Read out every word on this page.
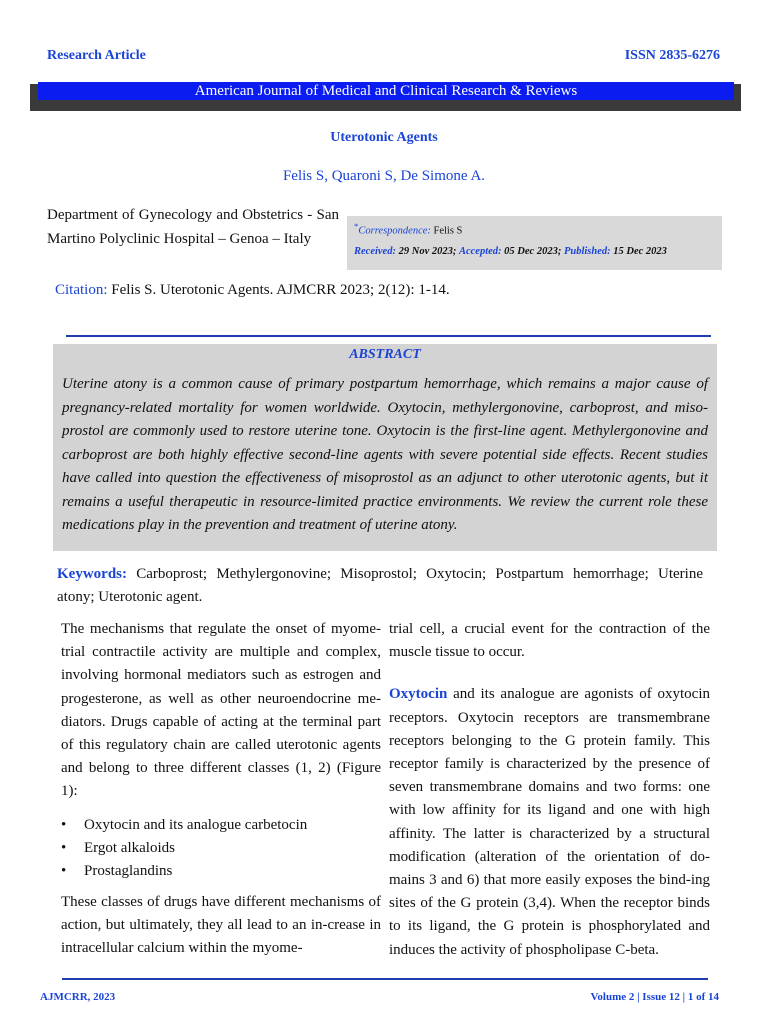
Research Article	ISSN 2835-6276
American Journal of Medical and Clinical Research & Reviews
Uterotonic Agents
Felis S, Quaroni S, De Simone A.
Department of Gynecology and Obstetrics - San Martino Polyclinic Hospital – Genoa – Italy
*Correspondence: Felis S
Received: 29 Nov 2023; Accepted: 05 Dec 2023; Published: 15 Dec 2023
Citation: Felis S. Uterotonic Agents. AJMCRR 2023; 2(12): 1-14.
ABSTRACT
Uterine atony is a common cause of primary postpartum hemorrhage, which remains a major cause of pregnancy-related mortality for women worldwide. Oxytocin, methylergonovine, carboprost, and miso-prostol are commonly used to restore uterine tone. Oxytocin is the first-line agent. Methylergonovine and carboprost are both highly effective second-line agents with severe potential side effects. Recent studies have called into question the effectiveness of misoprostol as an adjunct to other uterotonic agents, but it remains a useful therapeutic in resource-limited practice environments. We review the current role these medications play in the prevention and treatment of uterine atony.
Keywords: Carboprost; Methylergonovine; Misoprostol; Oxytocin; Postpartum hemorrhage; Uterine atony; Uterotonic agent.

The mechanisms that regulate the onset of myome-trial contractile activity are multiple and complex, involving hormonal mediators such as estrogen and progesterone, as well as other neuroendocrine me-diators. Drugs capable of acting at the terminal part of this regulatory chain are called uterotonic agents and belong to three different classes (1, 2) (Figure 1):

• Oxytocin and its analogue carbetocin
• Ergot alkaloids
• Prostaglandins

These classes of drugs have different mechanisms of action, but ultimately, they all lead to an in-crease in intracellular calcium within the myome-

trial cell, a crucial event for the contraction of the muscle tissue to occur.

Oxytocin and its analogue are agonists of oxytocin receptors. Oxytocin receptors are transmembrane receptors belonging to the G protein family. This receptor family is characterized by the presence of seven transmembrane domains and two forms: one with low affinity for its ligand and one with high affinity. The latter is characterized by a structural modification (alteration of the orientation of do-mains 3 and 6) that more easily exposes the bind-ing sites of the G protein (3,4). When the receptor binds to its ligand, the G protein is phosphorylated and induces the activity of phospholipase C-beta.

AJMCRR, 2023	Volume 2 | Issue 12 | 1 of 14
